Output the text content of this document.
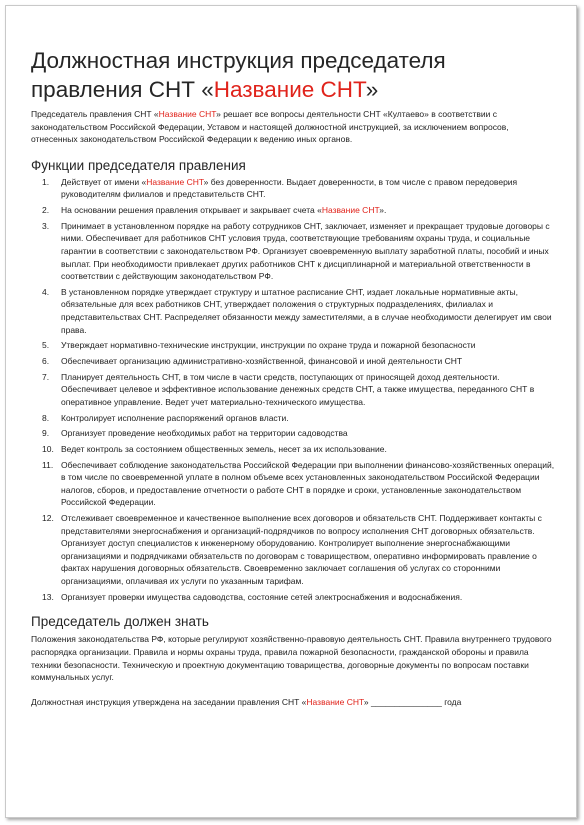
Должностная инструкция председателя правления СНТ «Название СНТ»

Председатель правления СНТ «Название СНТ» решает все вопросы деятельности СНТ «Култаево» в соответствии с законодательством Российской Федерации, Уставом и настоящей должностной инструкцией, за исключением вопросов, отнесенных законодательством Российской Федерации к ведению иных органов.

Функции председателя правления
1. Действует от имени «Название СНТ» без доверенности. Выдает доверенности, в том числе с правом передоверия руководителям филиалов и представительств СНТ.
2. На основании решения правления открывает и закрывает счета «Название СНТ».
3. Принимает в установленном порядке на работу сотрудников СНТ, заключает, изменяет и прекращает трудовые договоры с ними. Обеспечивает для работников СНТ условия труда, соответствующие требованиям охраны труда, и социальные гарантии в соответствии с законодательством РФ. Организует своевременную выплату заработной платы, пособий и иных выплат. При необходимости привлекает других работников СНТ к дисциплинарной и материальной ответственности в соответствии с действующим законодательством РФ.
4. В установленном порядке утверждает структуру и штатное расписание СНТ, издает локальные нормативные акты, обязательные для всех работников СНТ, утверждает положения о структурных подразделениях, филиалах и представительствах СНТ. Распределяет обязанности между заместителями, а в случае необходимости делегирует им свои права.
5. Утверждает нормативно-технические инструкции, инструкции по охране труда и пожарной безопасности
6. Обеспечивает организацию административно-хозяйственной, финансовой и иной деятельности СНТ
7. Планирует деятельность СНТ, в том числе в части средств, поступающих от приносящей доход деятельности. Обеспечивает целевое и эффективное использование денежных средств СНТ, а также имущества, переданного СНТ в оперативное управление. Ведет учет материально-технического имущества.
8. Контролирует исполнение распоряжений органов власти.
9. Организует проведение необходимых работ на территории садоводства
10. Ведет контроль за состоянием общественных земель, несет за их использование.
11. Обеспечивает соблюдение законодательства Российской Федерации при выполнении финансово-хозяйственных операций, в том числе по своевременной уплате в полном объеме всех установленных законодательством Российской Федерации налогов, сборов, и предоставление отчетности о работе СНТ в порядке и сроки, установленные законодательством Российской Федерации.
12. Отслеживает своевременное и качественное выполнение всех договоров и обязательств СНТ. Поддерживает контакты с представителями энергоснабжения и организаций-подрядчиков по вопросу исполнения СНТ договорных обязательств. Организует доступ специалистов к инженерному оборудованию. Контролирует выполнение энергоснабжающими организациями и подрядчиками обязательств по договорам с товариществом, оперативно информировать правление о фактах нарушения договорных обязательств. Своевременно заключает соглашения об услугах со сторонними организациями, оплачивая их услуги по указанным тарифам.
13. Организует проверки имущества садоводства, состояние сетей электроснабжения и водоснабжения.
Председатель должен знать

Положения законодательства РФ, которые регулируют хозяйственно-правовую деятельность СНТ. Правила внутреннего трудового распорядка организации. Правила и нормы охраны труда, правила пожарной безопасности, гражданской обороны и правила техники безопасности. Техническую и проектную документацию товарищества, договорные документы по вопросам поставки коммунальных услуг.

Должностная инструкция утверждена на заседании правления СНТ «Название СНТ» _______________ года
